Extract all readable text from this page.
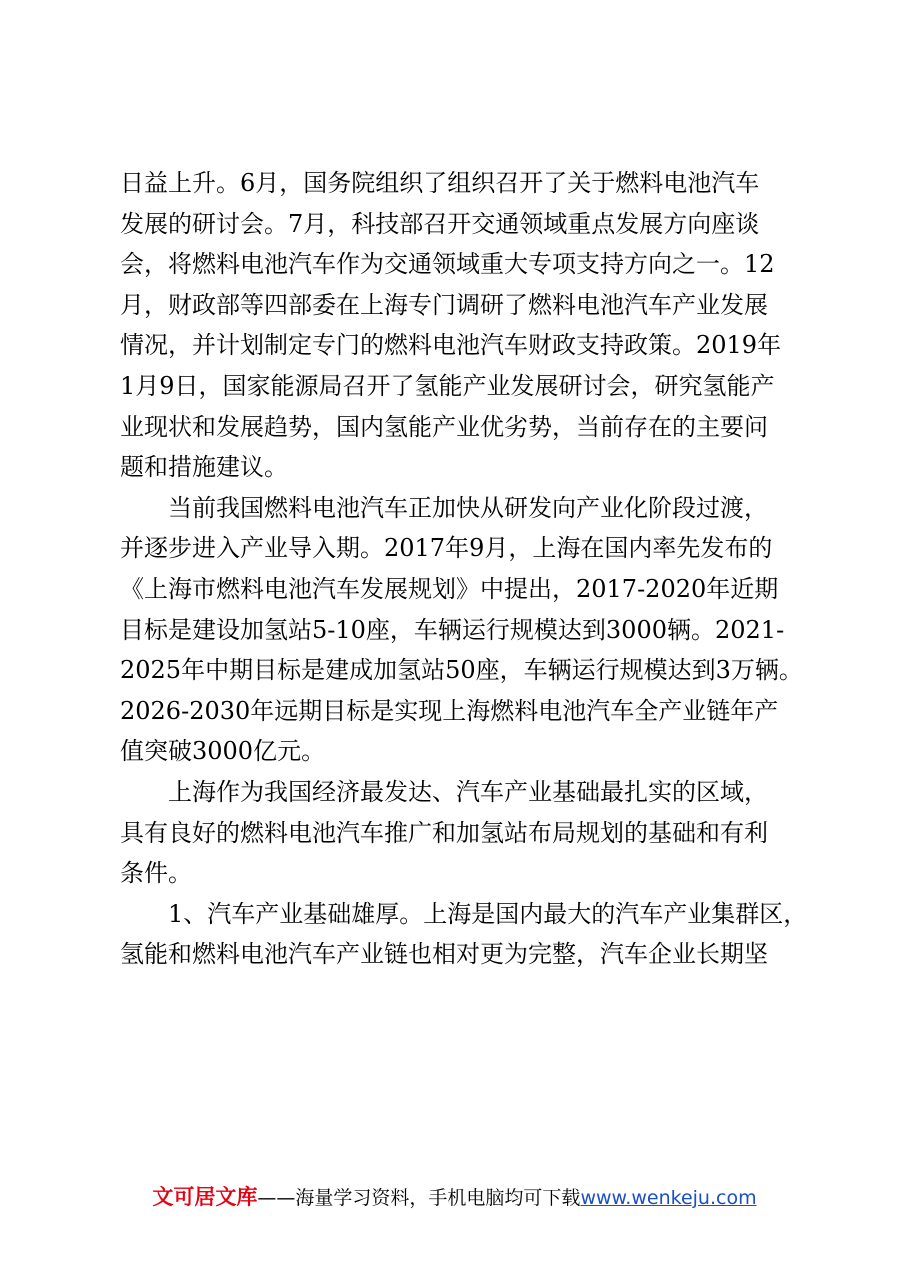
日益上升。6月，国务院组织了组织召开了关于燃料电池汽车
发展的研讨会。7月，科技部召开交通领域重点发展方向座谈
会，将燃料电池汽车作为交通领域重大专项支持方向之一。12
月，财政部等四部委在上海专门调研了燃料电池汽车产业发展
情况，并计划制定专门的燃料电池汽车财政支持政策。2019年
1月9日，国家能源局召开了氢能产业发展研讨会，研究氢能产
业现状和发展趋势，国内氢能产业优劣势，当前存在的主要问
题和措施建议。
　　当前我国燃料电池汽车正加快从研发向产业化阶段过渡，
并逐步进入产业导入期。2017年9月，上海在国内率先发布的
《上海市燃料电池汽车发展规划》中提出，2017-2020年近期
目标是建设加氢站5-10座，车辆运行规模达到3000辆。2021-
2025年中期目标是建成加氢站50座，车辆运行规模达到3万辆。
2026-2030年远期目标是实现上海燃料电池汽车全产业链年产
值突破3000亿元。
　　上海作为我国经济最发达、汽车产业基础最扎实的区域，
具有良好的燃料电池汽车推广和加氢站布局规划的基础和有利
条件。
　　1、汽车产业基础雄厚。上海是国内最大的汽车产业集群区，
氢能和燃料电池汽车产业链也相对更为完整，汽车企业长期坚
文可居文库——海量学习资料，手机电脑均可下载www.wenkeju.com
